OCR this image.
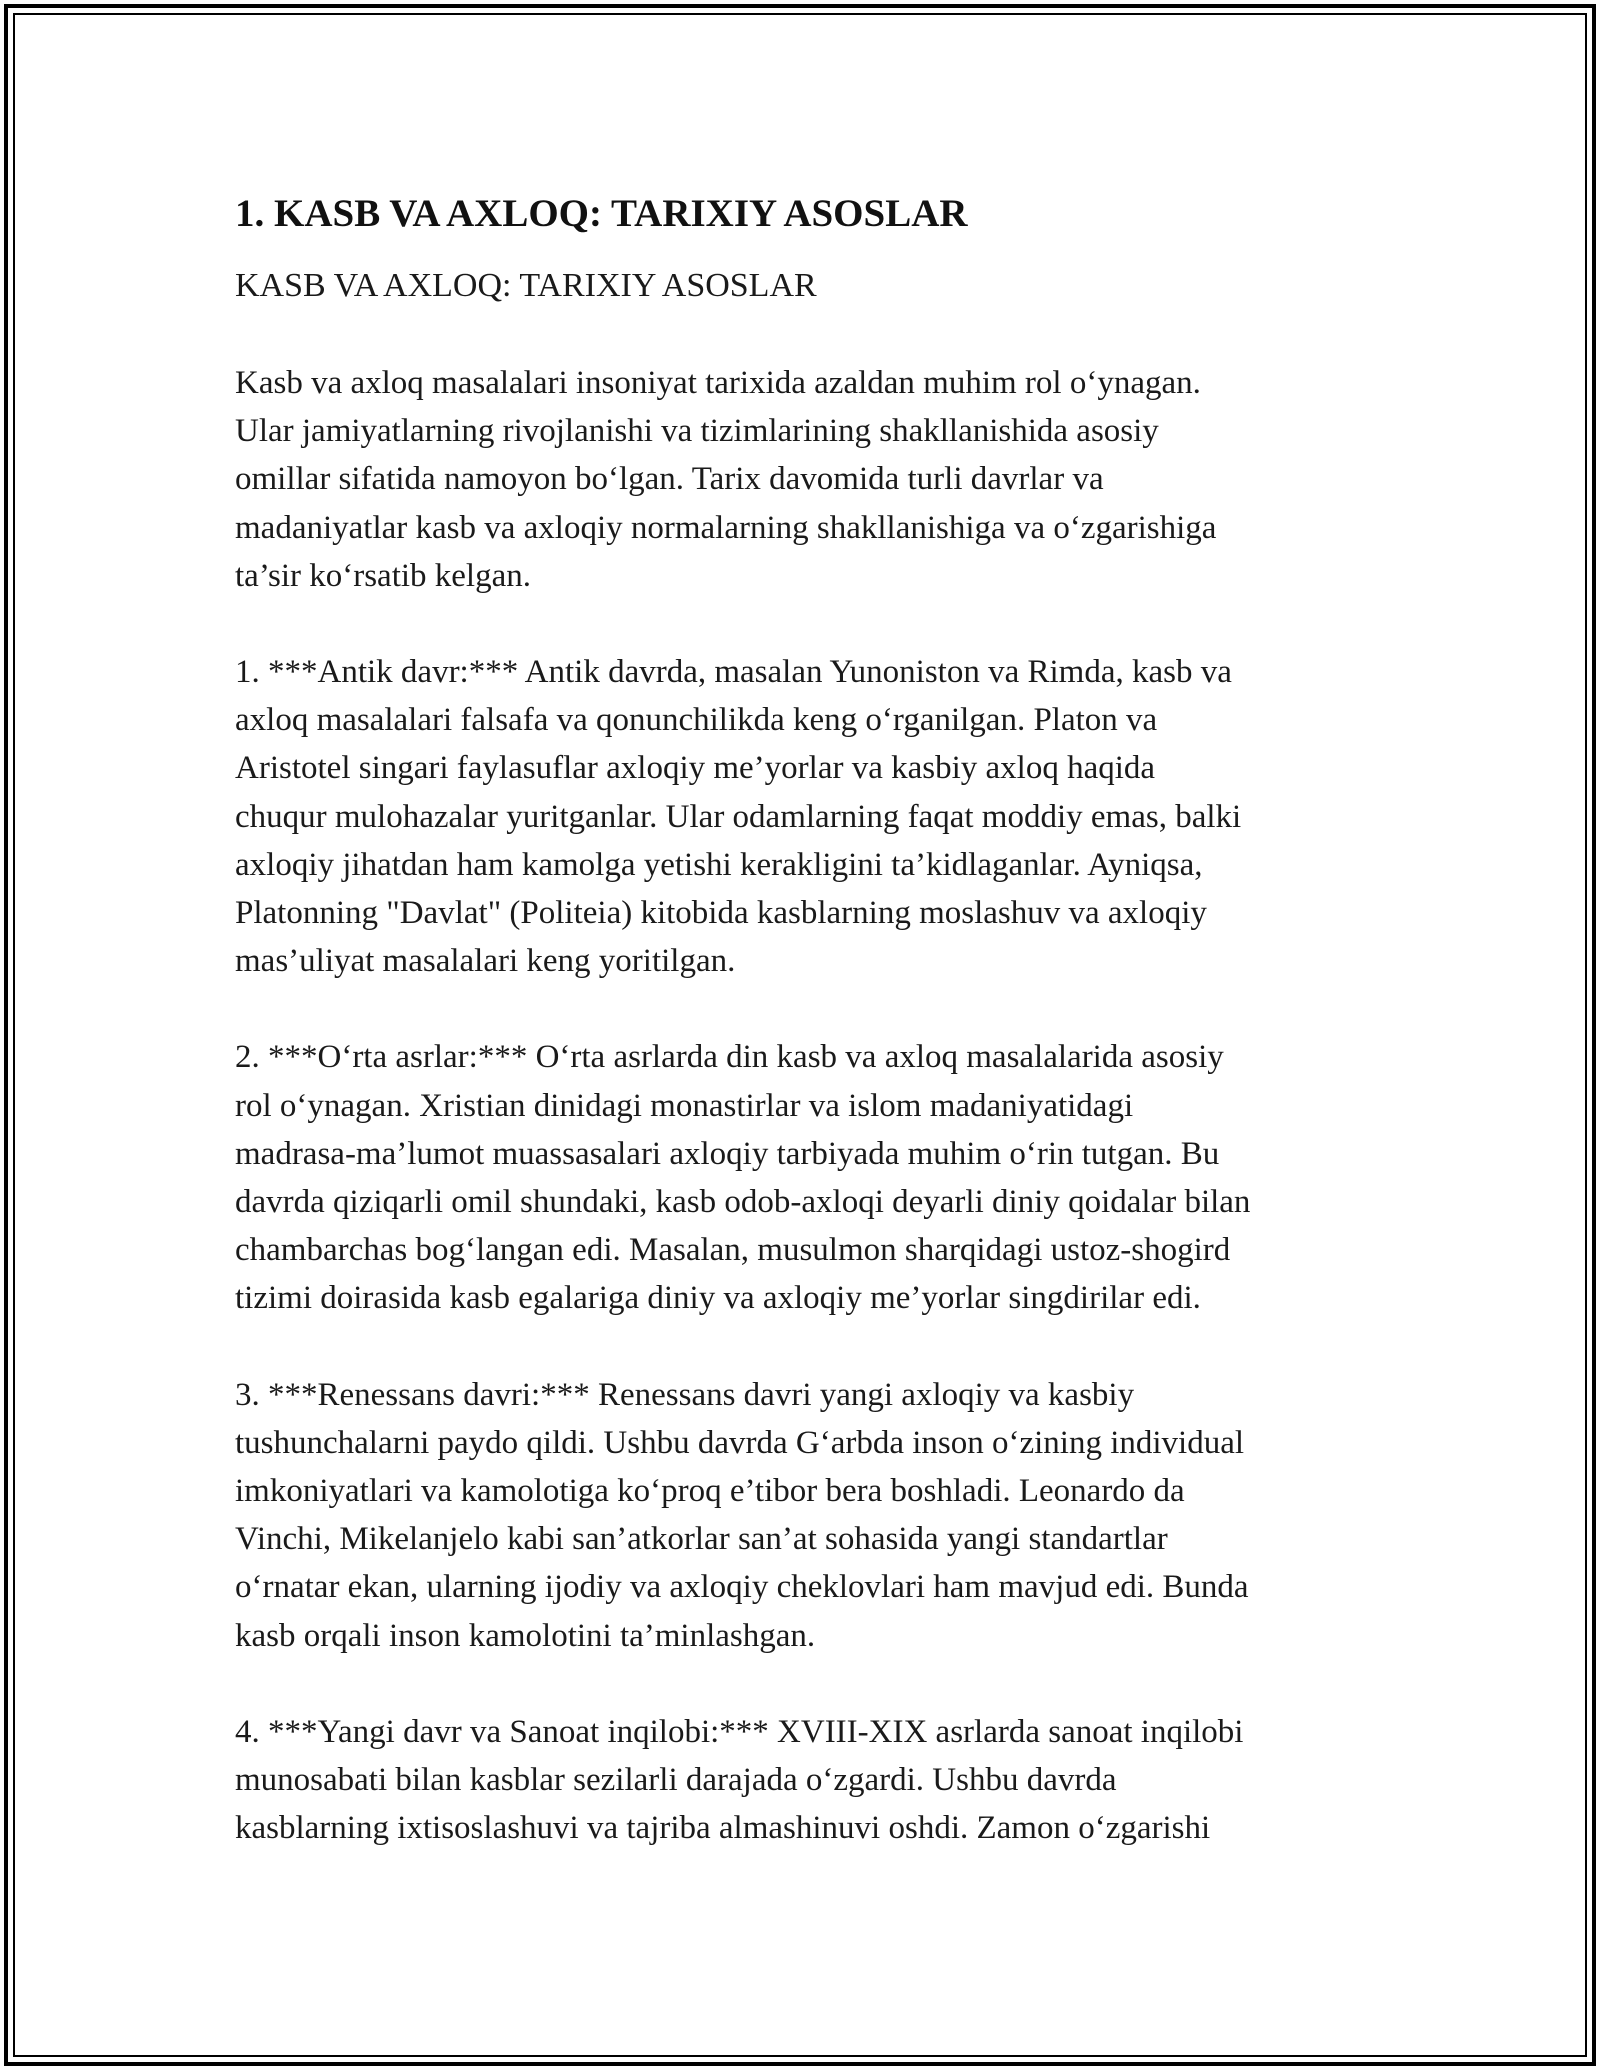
1. KASB VA AXLOQ: TARIXIY ASOSLAR
KASB VA AXLOQ: TARIXIY ASOSLAR
Kasb va axloq masalalari insoniyat tarixida azaldan muhim rol o‘ynagan.
Ular jamiyatlarning rivojlanishi va tizimlarining shakllanishida asosiy
omillar sifatida namoyon bo‘lgan. Tarix davomida turli davrlar va
madaniyatlar kasb va axloqiy normalarning shakllanishiga va o‘zgarishiga
ta’sir ko‘rsatib kelgan.
1. ***Antik davr:*** Antik davrda, masalan Yunoniston va Rimda, kasb va
axloq masalalari falsafa va qonunchilikda keng o‘rganilgan. Platon va
Aristotel singari faylasuflar axloqiy me’yorlar va kasbiy axloq haqida
chuqur mulohazalar yuritganlar. Ular odamlarning faqat moddiy emas, balki
axloqiy jihatdan ham kamolga yetishi kerakligini ta’kidlaganlar. Ayniqsa,
Platonning "Davlat" (Politeia) kitobida kasblarning moslashuv va axloqiy
mas’uliyat masalalari keng yoritilgan.
2. ***O‘rta asrlar:*** O‘rta asrlarda din kasb va axloq masalalarida asosiy
rol o‘ynagan. Xristian dinidagi monastirlar va islom madaniyatidagi
madrasa-ma’lumot muassasalari axloqiy tarbiyada muhim o‘rin tutgan. Bu
davrda qiziqarli omil shundaki, kasb odob-axloqi deyarli diniy qoidalar bilan
chambarchas bog‘langan edi. Masalan, musulmon sharqidagi ustoz-shogird
tizimi doirasida kasb egalariga diniy va axloqiy me’yorlar singdirilar edi.
3. ***Renessans davri:*** Renessans davri yangi axloqiy va kasbiy
tushunchalarni paydo qildi. Ushbu davrda G‘arbda inson o‘zining individual
imkoniyatlari va kamolotiga ko‘proq e’tibor bera boshladi. Leonardo da
Vinchi, Mikelanjelo kabi san’atkorlar san’at sohasida yangi standartlar
o‘rnatar ekan, ularning ijodiy va axloqiy cheklovlari ham mavjud edi. Bunda
kasb orqali inson kamolotini ta’minlashgan.
4. ***Yangi davr va Sanoat inqilobi:*** XVIII-XIX asrlarda sanoat inqilobi
munosabati bilan kasblar sezilarli darajada o‘zgardi. Ushbu davrda
kasblarning ixtisoslashuvi va tajriba almashinuvi oshdi. Zamon o‘zgarishi
